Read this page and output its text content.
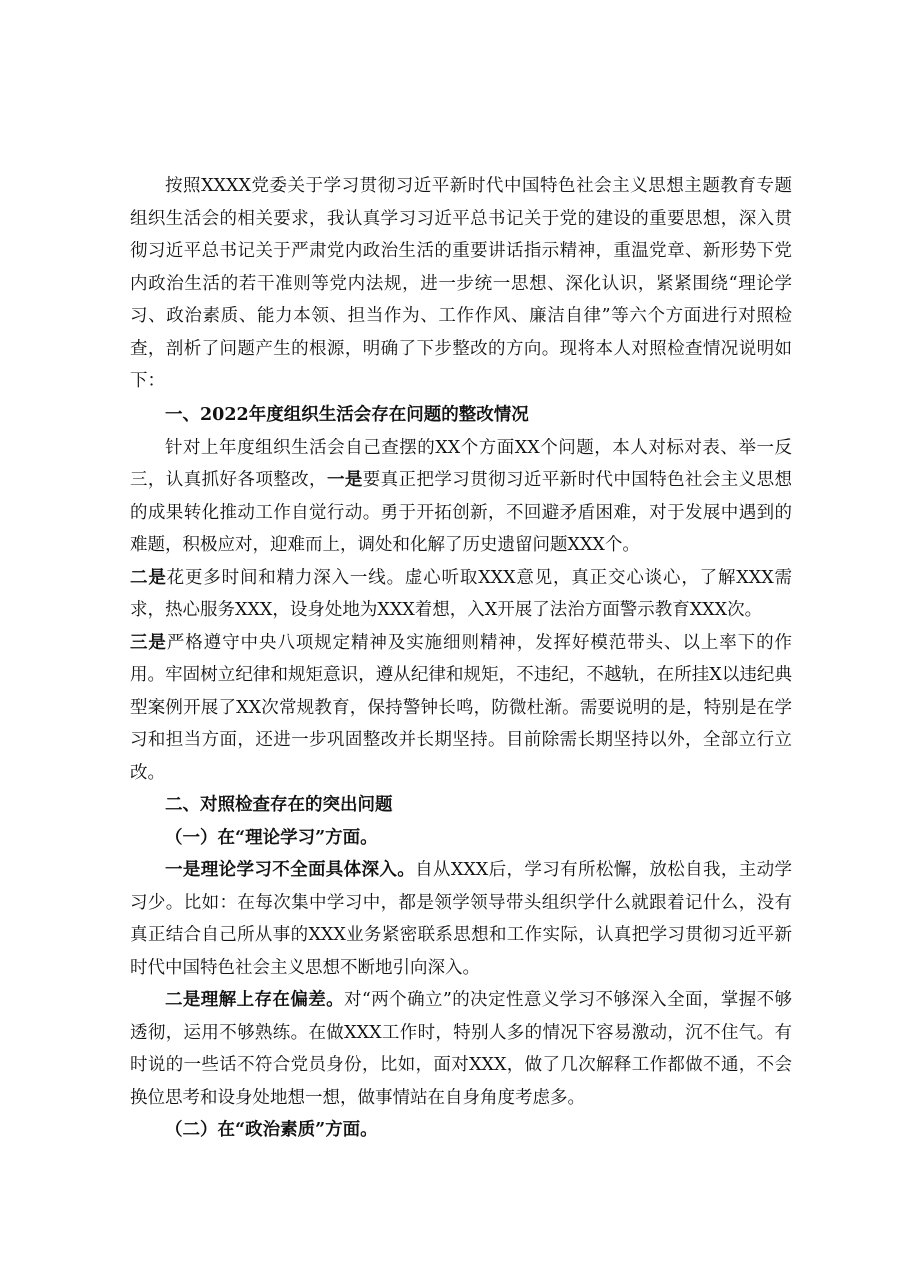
按照XXXX党委关于学习贯彻习近平新时代中国特色社会主义思想主题教育专题组织生活会的相关要求，我认真学习习近平总书记关于党的建设的重要思想，深入贯彻习近平总书记关于严肃党内政治生活的重要讲话指示精神，重温党章、新形势下党内政治生活的若干准则等党内法规，进一步统一思想、深化认识，紧紧围绕“理论学习、政治素质、能力本领、担当作为、工作作风、廉洁自律”等六个方面进行对照检查，剖析了问题产生的根源，明确了下步整改的方向。现将本人对照检查情况说明如下：

一、2022年度组织生活会存在问题的整改情况

针对上年度组织生活会自己查摆的XX个方面XX个问题，本人对标对表、举一反三，认真抓好各项整改，一是要真正把学习贯彻习近平新时代中国特色社会主义思想的成果转化推动工作自觉行动。勇于开拓创新，不回避矛盾困难，对于发展中遇到的难题，积极应对，迎难而上，调处和化解了历史遗留问题XXX个。
二是花更多时间和精力深入一线。虚心听取XXX意见，真正交心谈心，了解XXX需求，热心服务XXX，设身处地为XXX着想，入X开展了法治方面警示教育XXX次。
三是严格遵守中央八项规定精神及实施细则精神，发挥好模范带头、以上率下的作用。牢固树立纪律和规矩意识，遵从纪律和规矩，不违纪，不越轨，在所挂X以违纪典型案例开展了XX次常规教育，保持警钟长鸣，防微杜渐。需要说明的是，特别是在学习和担当方面，还进一步巩固整改并长期坚持。目前除需长期坚持以外，全部立行立改。

二、对照检查存在的突出问题

（一）在“理论学习”方面。

一是理论学习不全面具体深入。自从XXX后，学习有所松懈，放松自我，主动学习少。比如：在每次集中学习中，都是领学领导带头组织学什么就跟着记什么，没有真正结合自己所从事的XXX业务紧密联系思想和工作实际，认真把学习贯彻习近平新时代中国特色社会主义思想不断地引向深入。

二是理解上存在偏差。对“两个确立”的决定性意义学习不够深入全面，掌握不够透彻，运用不够熟练。在做XXX工作时，特别人多的情况下容易激动，沉不住气。有时说的一些话不符合党员身份，比如，面对XXX，做了几次解释工作都做不通，不会换位思考和设身处地想一想，做事情站在自身角度考虑多。

（二）在“政治素质”方面。
